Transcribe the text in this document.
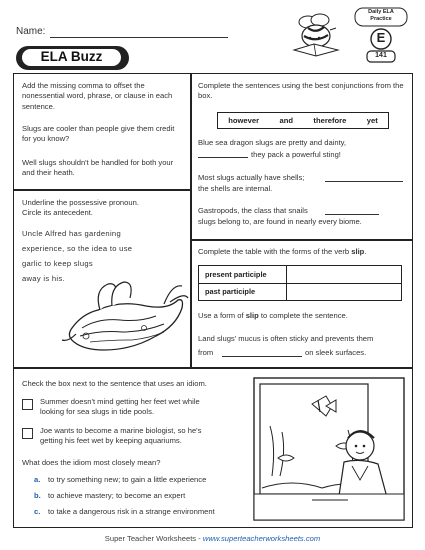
Name:
ELA Buzz
Daily ELA
Practice
E
141
Add the missing comma to offset the nonessential word, phrase, or clause in each sentence.
Slugs are cooler than people give them credit for you know?
Well slugs shouldn't be handled for both your and their heath.
Underline the possessive pronoun.
Circle its antecedent.
Uncle Alfred has gardening
experience, so the idea to use
garlic to keep slugs
away is his.
Complete the sentences using the best conjunctions from the box.
however	and	therefore	yet
Blue sea dragon slugs are pretty and dainty,
they pack a powerful sting!
Most slugs actually have shells;
the shells are internal.
Gastropods, the class that snails
slugs belong to, are found in nearly every biome.
Complete the table with the forms of the verb slip.
present participle
past participle
Use a form of slip to complete the sentence.
Land slugs' mucus is often sticky and prevents them
from	on sleek surfaces.
Check the box next to the sentence that uses an idiom.
Summer doesn't mind getting her feet wet while looking for sea slugs in tide pools.
Joe wants to become a marine biologist, so he's getting his feet wet by keeping aquariums.
What does the idiom most closely mean?
a. to try something new; to gain a little experience
b. to achieve mastery; to become an expert
c. to take a dangerous risk in a strange environment
Super Teacher Worksheets - www.superteacherworksheets.com
